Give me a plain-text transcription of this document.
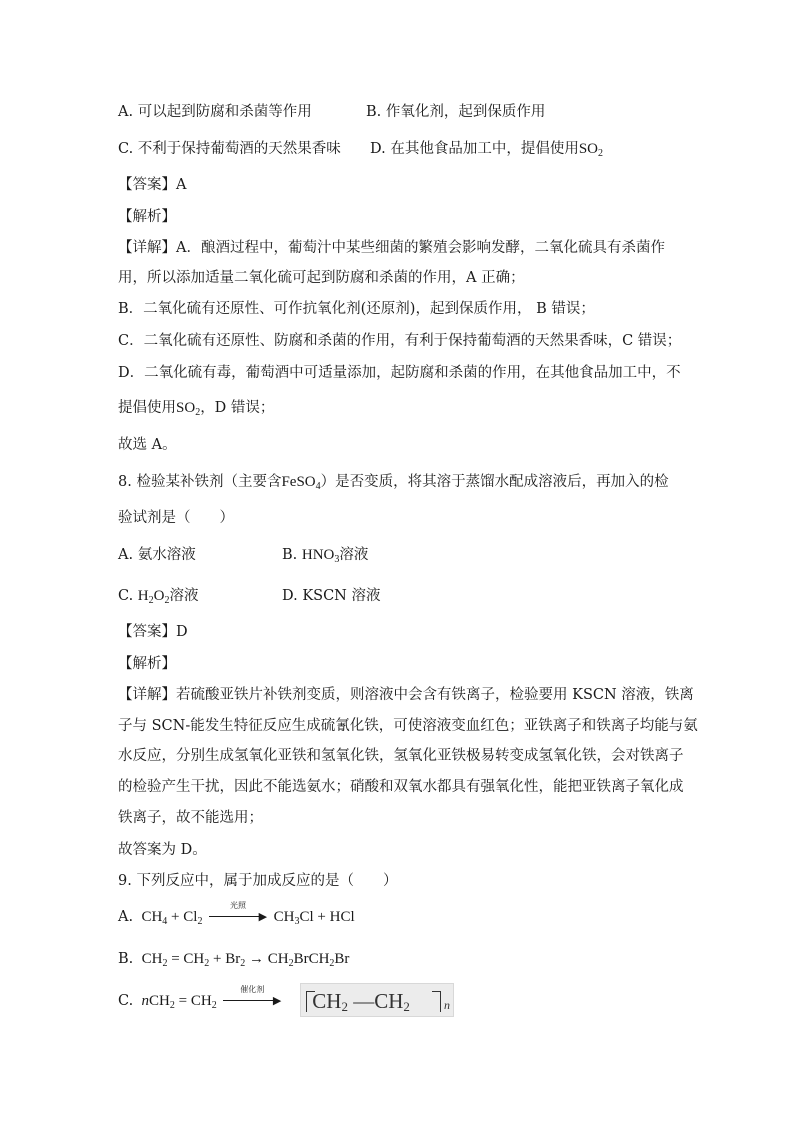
A. 可以起到防腐和杀菌等作用	B. 作氧化剂，起到保质作用
C. 不利于保持葡萄酒的天然果香味 D. 在其他食品加工中，提倡使用$SO_2$
【答案】A
【解析】
【详解】A．酿酒过程中，葡萄汁中某些细菌的繁殖会影响发酵，二氧化硫具有杀菌作
用，所以添加适量二氧化硫可起到防腐和杀菌的作用，A 正确；
B．二氧化硫有还原性、可作抗氧化剂(还原剂)，起到保质作用， B 错误；
C．二氧化硫有还原性、防腐和杀菌的作用，有利于保持葡萄酒的天然果香味，C 错误；
D．二氧化硫有毒，葡萄酒中可适量添加，起防腐和杀菌的作用，在其他食品加工中，不
提倡使用$SO_2$，D 错误；
故选 A。
8. 检验某补铁剂（主要含FeSO$_4$）是否变质，将其溶于蒸馏水配成溶液后，再加入的检
验试剂是（　　）
A. 氨水溶液	B. $HNO_3$溶液
C. $H_2O_2$溶液	D. KSCN 溶液
【答案】D
【解析】
【详解】若硫酸亚铁片补铁剂变质，则溶液中会含有铁离子，检验要用 KSCN 溶液，铁离
子与 SCN-能发生特征反应生成硫氰化铁，可使溶液变血红色；亚铁离子和铁离子均能与氨
水反应，分别生成氢氧化亚铁和氢氧化铁，氢氧化亚铁极易转变成氢氧化铁，会对铁离子
的检验产生干扰，因此不能选氨水；硝酸和双氧水都具有强氧化性，能把亚铁离子氧化成
铁离子，故不能选用；
故答案为 D。
9. 下列反应中，属于加成反应的是（　　）
A.  $CH_4 + Cl_2$
光照
▶ $CH_3Cl$ + HCl
B.  $CH_2 = CH_2 + Br_2$ → $CH_2BrCH_2Br$
C. $nCH_2 = CH_2$
催化剂
▶ $CH_2$ $—CH_2$	n
